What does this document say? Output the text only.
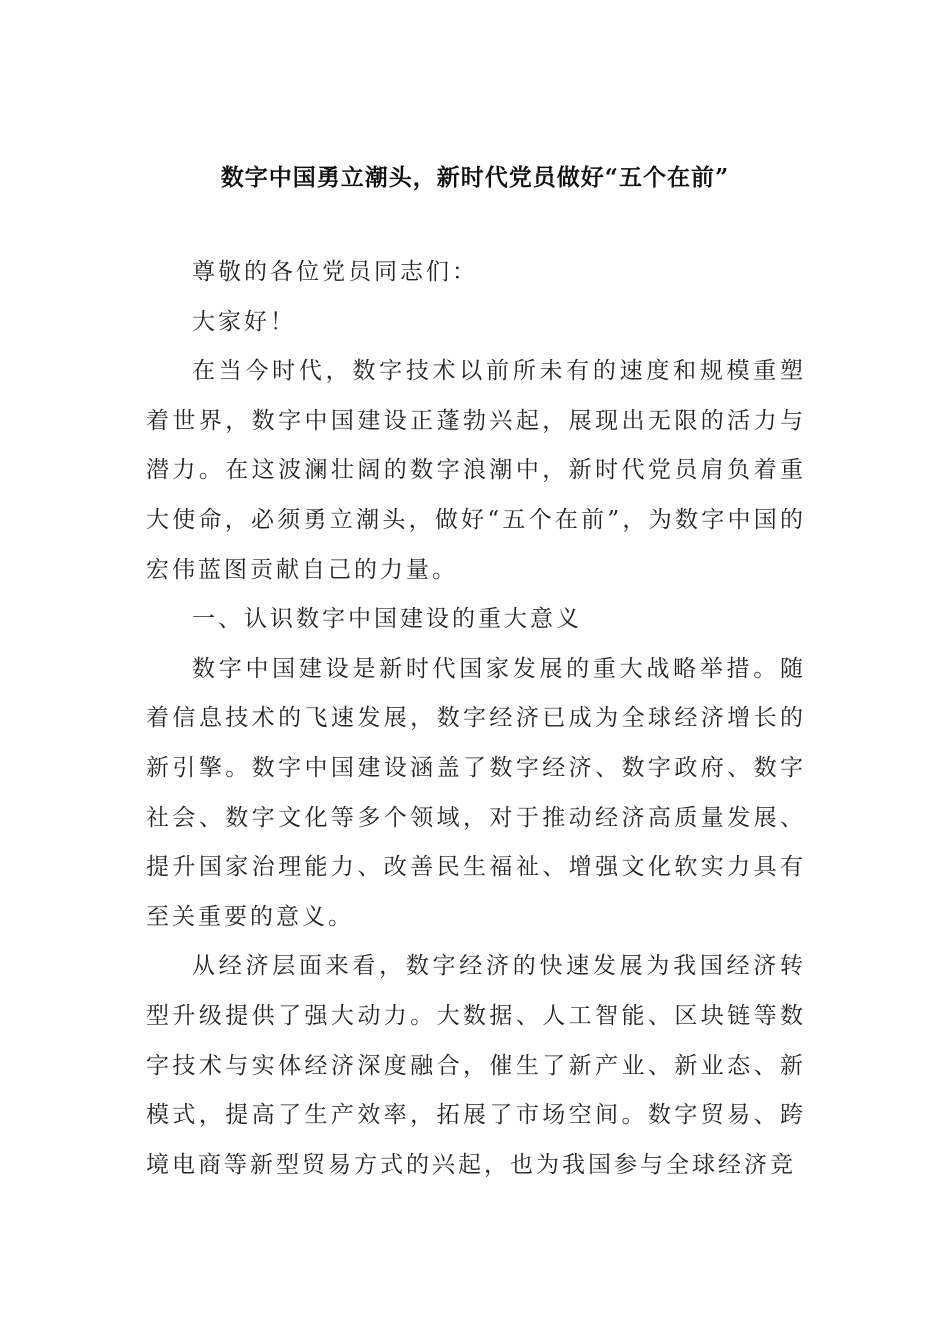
数字中国勇立潮头，新时代党员做好“五个在前”

尊敬的各位党员同志们：

大家好！

在当今时代，数字技术以前所未有的速度和规模重塑着世界，数字中国建设正蓬勃兴起，展现出无限的活力与潜力。在这波澜壮阔的数字浪潮中，新时代党员肩负着重大使命，必须勇立潮头，做好“五个在前”，为数字中国的宏伟蓝图贡献自己的力量。

一、认识数字中国建设的重大意义

数字中国建设是新时代国家发展的重大战略举措。随着信息技术的飞速发展，数字经济已成为全球经济增长的新引擎。数字中国建设涵盖了数字经济、数字政府、数字社会、数字文化等多个领域，对于推动经济高质量发展、提升国家治理能力、改善民生福祉、增强文化软实力具有至关重要的意义。

从经济层面来看，数字经济的快速发展为我国经济转型升级提供了强大动力。大数据、人工智能、区块链等数字技术与实体经济深度融合，催生了新产业、新业态、新模式，提高了生产效率，拓展了市场空间。数字贸易、跨境电商等新型贸易方式的兴起，也为我国参与全球经济竞
